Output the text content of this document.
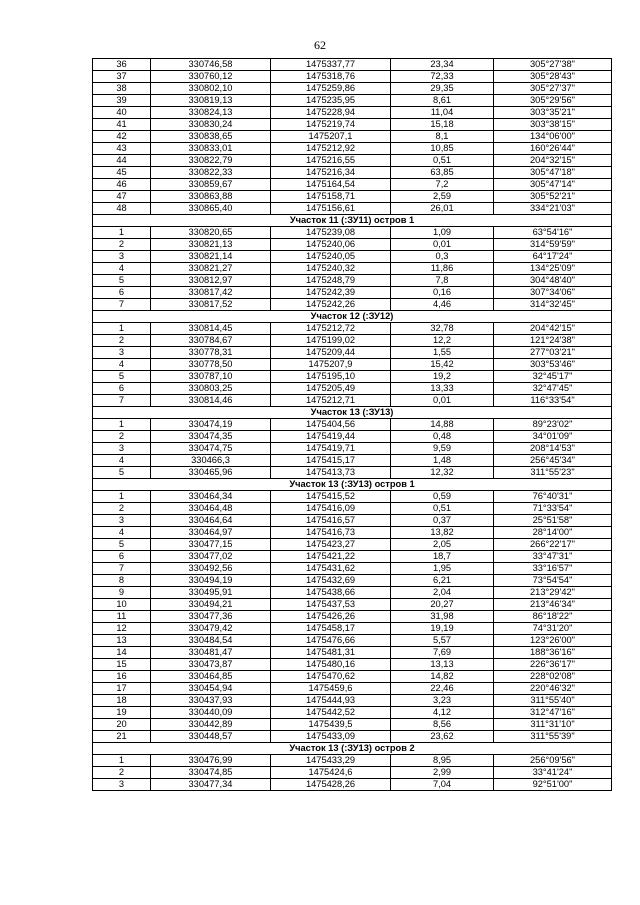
62
36	330746,58	1475337,77	23,34	305°27'38"
37	330760,12	1475318,76	72,33	305°28'43"
38	330802,10	1475259,86	29,35	305°27'37"
39	330819,13	1475235,95	8,61	305°29'56"
40	330824,13	1475228,94	11,04	303°35'21"
41	330830,24	1475219,74	15,18	303°38'15"
42	330838,65	1475207,1	8,1	134°06'00"
43	330833,01	1475212,92	10,85	160°26'44"
44	330822,79	1475216,55	0,51	204°32'15"
45	330822,33	1475216,34	63,85	305°47'18"
46	330859,67	1475164,54	7,2	305°47'14"
47	330863,88	1475158,71	2,59	305°52'21"
48	330865,40	1475156,61	26,01	334°21'03"
Участок 11 (:ЗУ11) остров 1				
1	330820,65	1475239,08	1,09	63°54'16"
2	330821,13	1475240,06	0,01	314°59'59"
3	330821,14	1475240,05	0,3	64°17'24"
4	330821,27	1475240,32	11,86	134°25'09"
5	330812,97	1475248,79	7,8	304°48'40"
6	330817,42	1475242,39	0,16	307°34'06"
7	330817,52	1475242,26	4,46	314°32'45"
Участок 12 (:ЗУ12)				
1	330814,45	1475212,72	32,78	204°42'15"
2	330784,67	1475199,02	12,2	121°24'38"
3	330778,31	1475209,44	1,55	277°03'21"
4	330778,50	1475207,9	15,42	303°53'46"
5	330787,10	1475195,10	19,2	32°45'17"
6	330803,25	1475205,49	13,33	32°47'45"
7	330814,46	1475212,71	0,01	116°33'54"
Участок 13 (:ЗУ13)				
1	330474,19	1475404,56	14,88	89°23'02"
2	330474,35	1475419,44	0,48	34°01'09"
3	330474,75	1475419,71	9,59	208°14'53"
4	330466,3	1475415,17	1,48	256°45'34"
5	330465,96	1475413,73	12,32	311°55'23"
Участок 13 (:ЗУ13) остров 1				
1	330464,34	1475415,52	0,59	76°40'31"
2	330464,48	1475416,09	0,51	71°33'54"
3	330464,64	1475416,57	0,37	25°51'58"
4	330464,97	1475416,73	13,82	28°14'00"
5	330477,15	1475423,27	2,05	266°22'17"
6	330477,02	1475421,22	18,7	33°47'31"
7	330492,56	1475431,62	1,95	33°16'57"
8	330494,19	1475432,69	6,21	73°54'54"
9	330495,91	1475438,66	2,04	213°29'42"
10	330494,21	1475437,53	20,27	213°46'34"
11	330477,36	1475426,26	31,98	86°18'22"
12	330479,42	1475458,17	19,19	74°31'20"
13	330484,54	1475476,66	5,57	123°26'00"
14	330481,47	1475481,31	7,69	188°36'16"
15	330473,87	1475480,16	13,13	226°36'17"
16	330464,85	1475470,62	14,82	228°02'08"
17	330454,94	1475459,6	22,46	220°46'32"
18	330437,93	1475444,93	3,23	311°55'40"
19	330440,09	1475442,52	4,12	312°47'16"
20	330442,89	1475439,5	8,56	311°31'10"
21	330448,57	1475433,09	23,62	311°55'39"
Участок 13 (:ЗУ13) остров 2				
1	330476,99	1475433,29	8,95	256°09'56"
2	330474,85	1475424,6	2,99	33°41'24"
3	330477,34	1475428,26	7,04	92°51'00"
